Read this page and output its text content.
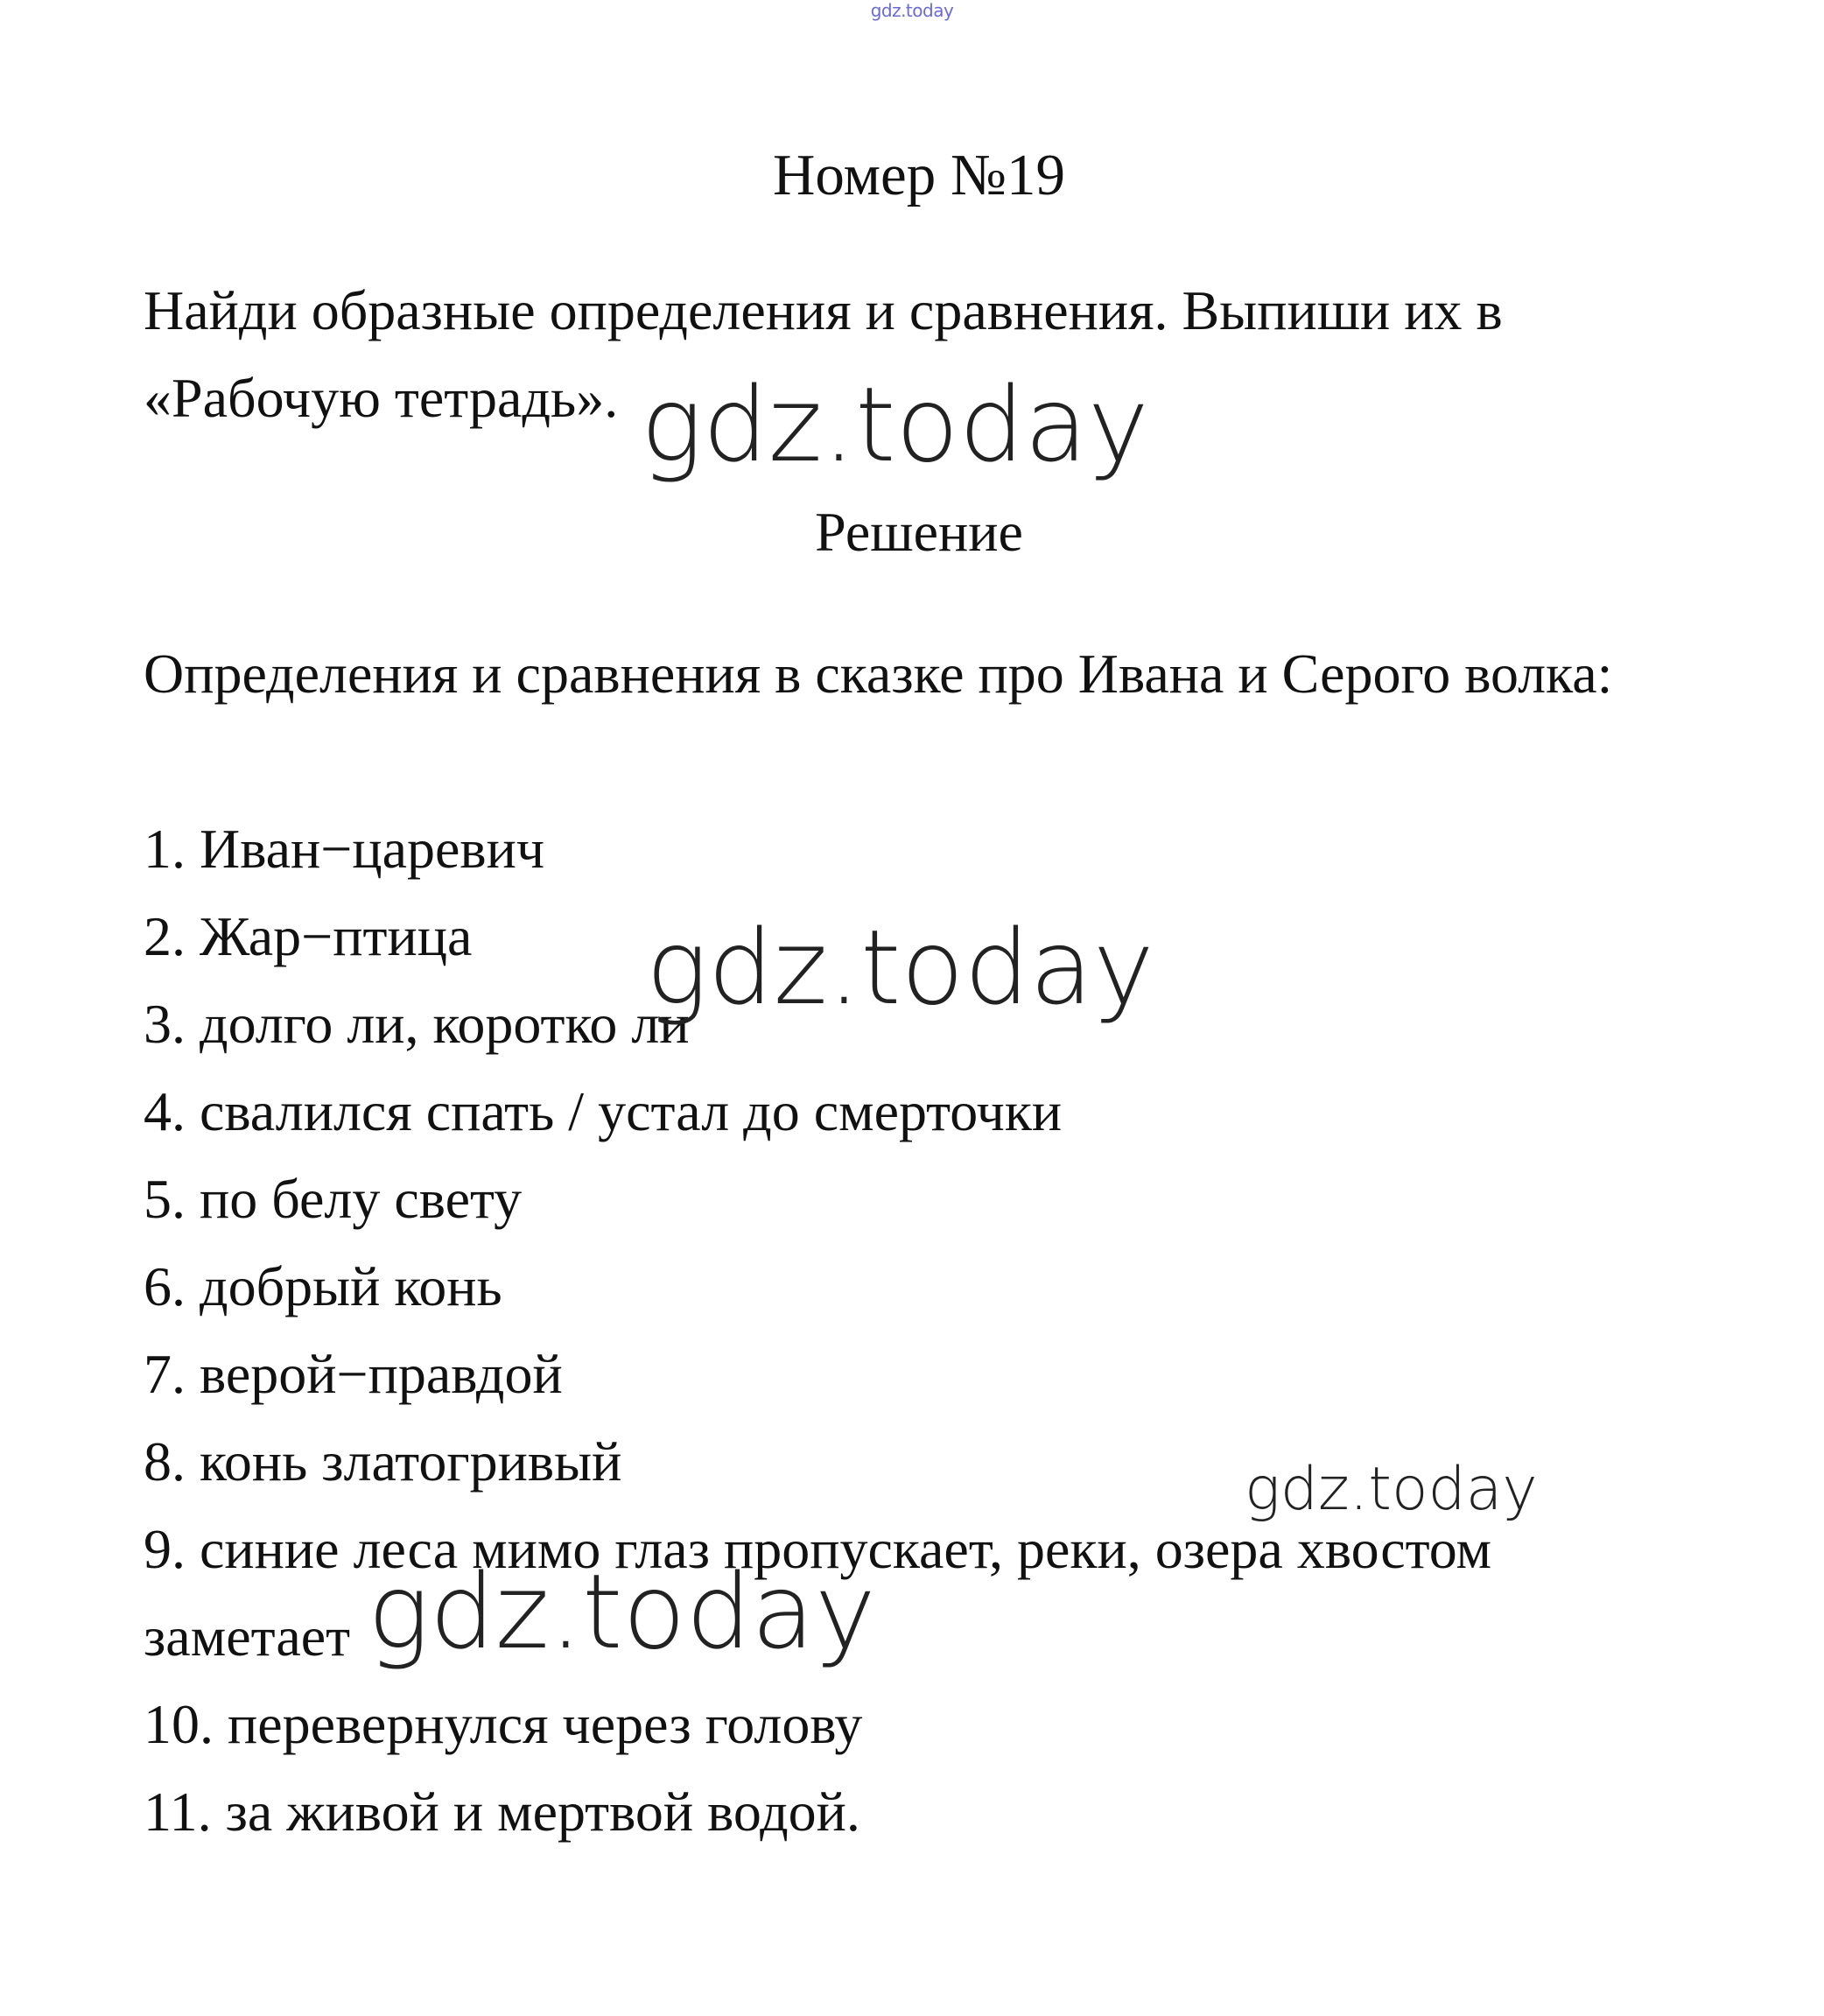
gdz.today
Номер №19
Найди образные определения и сравнения. Выпиши их в «Рабочую тетрадь».
Решение
Определения и сравнения в сказке про Ивана и Серого волка:
1. Иван−царевич
2. Жар−птица
3. долго ли, коротко ли
4. свалился спать / устал до смерточки
5. по белу свету
6. добрый конь
7. верой−правдой
8. конь златогривый
9. синие леса мимо глаз пропускает, реки, озера хвостом заметает
10. перевернулся через голову
11. за живой и мертвой водой.
gdz.today
gdz.today
gdz.today
gdz.today
